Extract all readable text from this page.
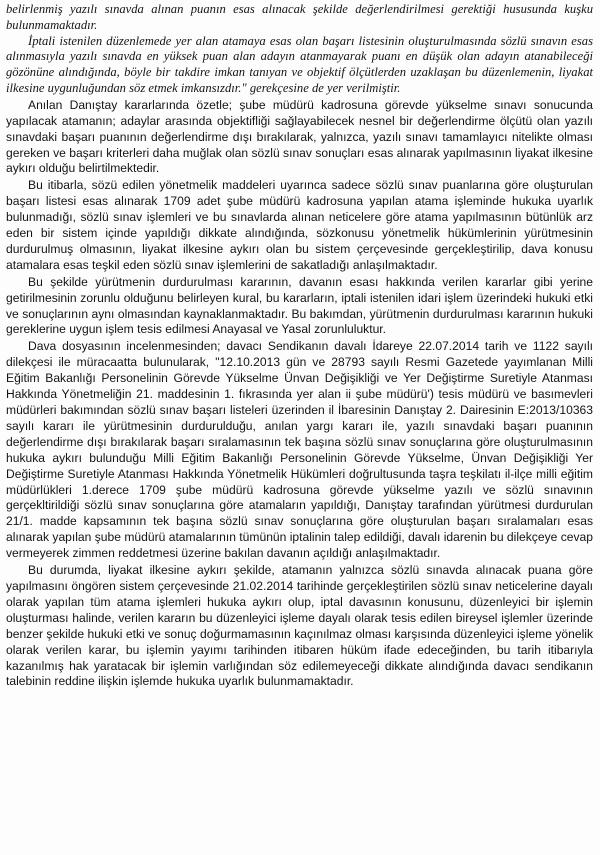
belirlenmiş yazılı sınavda alınan puanın esas alınacak şekilde değerlendirilmesi gerektiği hususunda kuşku bulunmamaktadır.

İptali istenilen düzenlemede yer alan atamaya esas olan başarı listesinin oluşturulmasında sözlü sınavın esas alınmasıyla yazılı sınavda en yüksek puan alan adayın atanmayarak puanı en düşük olan adayın atanabileceği gözönüne alındığında, böyle bir takdire imkan tanıyan ve objektif ölçütlerden uzaklaşan bu düzenlemenin, liyakat ilkesine uygunluğundan söz etmek imkansızdır." gerekçesine de yer verilmiştir.

Anılan Danıştay kararlarında özetle; şube müdürü kadrosuna görevde yükselme sınavı sonucunda yapılacak atamanın; adaylar arasında objektifliği sağlayabilecek nesnel bir değerlendirme ölçütü olan yazılı sınavdaki başarı puanının değerlendirme dışı bırakılarak, yalnızca, yazılı sınavı tamamlayıcı nitelikte olması gereken ve başarı kriterleri daha muğlak olan sözlü sınav sonuçları esas alınarak yapılmasının liyakat ilkesine aykırı olduğu belirtilmektedir.

Bu itibarla, sözü edilen yönetmelik maddeleri uyarınca sadece sözlü sınav puanlarına göre oluşturulan başarı listesi esas alınarak 1709 adet şube müdürü kadrosuna yapılan atama işleminde hukuka uyarlık bulunmadığı, sözlü sınav işlemleri ve bu sınavlarda alınan neticelere göre atama yapılmasının bütünlük arz eden bir sistem içinde yapıldığı dikkate alındığında, sözkonusu yönetmelik hükümlerinin yürütmesinin durdurulmuş olmasının, liyakat ilkesine aykırı olan bu sistem çerçevesinde gerçekleştirilip, dava konusu atamalara esas teşkil eden sözlü sınav işlemlerini de sakatladığı anlaşılmaktadır.

Bu şekilde yürütmenin durdurulması kararının, davanın esası hakkında verilen kararlar gibi yerine getirilmesinin zorunlu olduğunu belirleyen kural, bu kararların, iptali istenilen idari işlem üzerindeki hukuki etki ve sonuçlarının aynı olmasından kaynaklanmaktadır. Bu bakımdan, yürütmenin durdurulması kararının hukuki gereklerine uygun işlem tesis edilmesi Anayasal ve Yasal zorunluluktur.

Dava dosyasının incelenmesinden; davacı Sendikanın davalı İdareye 22.07.2014 tarih ve 1122 sayılı dilekçesi ile müracaatta bulunularak, "12.10.2013 gün ve 28793 sayılı Resmi Gazetede yayımlanan Milli Eğitim Bakanlığı Personelinin Görevde Yükselme Ünvan Değişikliği ve Yer Değiştirme Suretiyle Atanması Hakkında Yönetmeliğin 21. maddesinin 1. fıkrasında yer alan ii şube müdürü') tesis müdürü ve basımevleri müdürleri bakımından sözlü sınav başarı listeleri üzerinden il İbaresinin Danıştay 2. Dairesinin E:2013/10363 sayılı kararı ile yürütmesinin durdurulduğu, anılan yargı kararı ile, yazılı sınavdaki başarı puanının değerlendirme dışı bırakılarak başarı sıralamasının tek başına sözlü sınav sonuçlarına göre oluşturulmasının hukuka aykırı bulunduğu Milli Eğitim Bakanlığı Personelinin Görevde Yükselme, Ünvan Değişikliği Yer Değiştirme Suretiyle Atanması Hakkında Yönetmelik Hükümleri doğrultusunda taşra teşkilatı il-ilçe milli eğitim müdürlükleri 1.derece 1709 şube müdürü kadrosuna görevde yükselme yazılı ve sözlü sınavının gerçekltirildiği sözlü sınav sonuçlarına göre atamaların yapıldığı, Danıştay tarafından yürütmesi durdurulan 21/1. madde kapsamının tek başına sözlü sınav sonuçlarına göre oluşturulan başarı sıralamaları esas alınarak yapılan şube müdürü atamalarının tümünün iptalinin talep edildiği, davalı idarenin bu dilekçeye cevap vermeyerek zimmen reddetmesi üzerine bakılan davanın açıldığı anlaşılmaktadır.

Bu durumda, liyakat ilkesine aykırı şekilde, atamanın yalnızca sözlü sınavda alınacak puana göre yapılmasını öngören sistem çerçevesinde 21.02.2014 tarihinde gerçekleştirilen sözlü sınav neticelerine dayalı olarak yapılan tüm atama işlemleri hukuka aykırı olup, iptal davasının konusunu, düzenleyici bir işlemin oluşturması halinde, verilen kararın bu düzenleyici işleme dayalı olarak tesis edilen bireysel işlemler üzerinde benzer şekilde hukuki etki ve sonuç doğurmamasının kaçınılmaz olması karşısında düzenleyici işleme yönelik olarak verilen karar, bu işlemin yayımı tarihinden itibaren hüküm ifade edeceğinden, bu tarih itibarıyla kazanılmış hak yaratacak bir işlemin varlığından söz edilemeyeceği dikkate alındığında davacı sendikanın talebinin reddine ilişkin işlemde hukuka uyarlık bulunmamaktadır.
